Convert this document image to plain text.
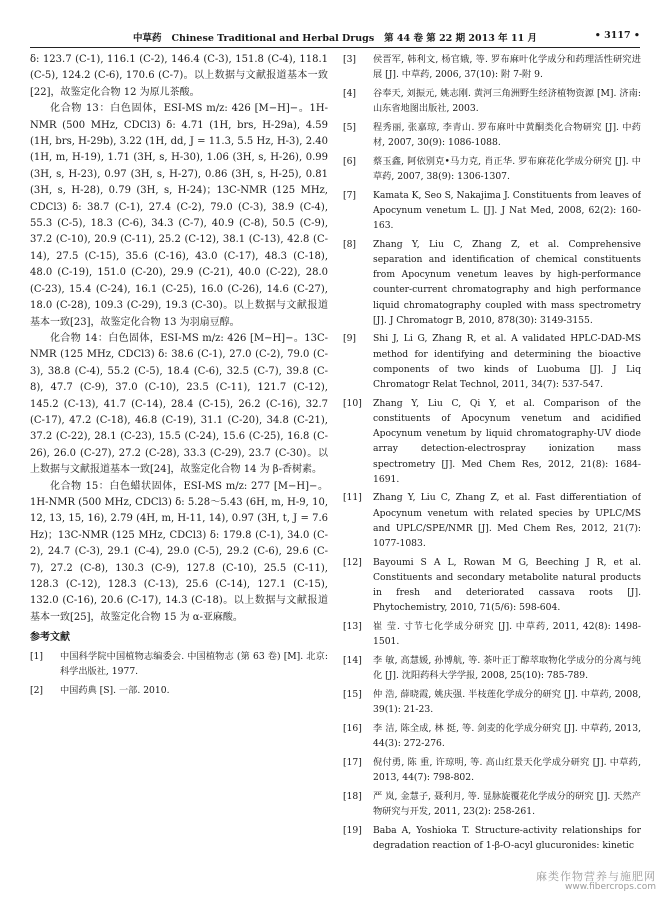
中草药 Chinese Traditional and Herbal Drugs 第 44 卷 第 22 期 2013 年 11 月	• 3117 •

δ: 123.7 (C-1), 116.1 (C-2), 146.4 (C-3), 151.8 (C-4), 118.1 (C-5), 124.2 (C-6), 170.6 (C-7)。以上数据与文献报道基本一致[22]，故鉴定化合物 12 为原儿茶酸。

化合物 13：白色固体，ESI-MS m/z: 426 [M−H]−。1H-NMR (500 MHz, CDCl3) δ: 4.71 (1H, brs, H-29a), 4.59 (1H, brs, H-29b), 3.22 (1H, dd, J = 11.3, 5.5 Hz, H-3), 2.40 (1H, m, H-19), 1.71 (3H, s, H-30), 1.06 (3H, s, H-26), 0.99 (3H, s, H-23), 0.97 (3H, s, H-27), 0.86 (3H, s, H-25), 0.81 (3H, s, H-28), 0.79 (3H, s, H-24)；13C-NMR (125 MHz, CDCl3) δ: 38.7 (C-1), 27.4 (C-2), 79.0 (C-3), 38.9 (C-4), 55.3 (C-5), 18.3 (C-6), 34.3 (C-7), 40.9 (C-8), 50.5 (C-9), 37.2 (C-10), 20.9 (C-11), 25.2 (C-12), 38.1 (C-13), 42.8 (C-14), 27.5 (C-15), 35.6 (C-16), 43.0 (C-17), 48.3 (C-18), 48.0 (C-19), 151.0 (C-20), 29.9 (C-21), 40.0 (C-22), 28.0 (C-23), 15.4 (C-24), 16.1 (C-25), 16.0 (C-26), 14.6 (C-27), 18.0 (C-28), 109.3 (C-29), 19.3 (C-30)。以上数据与文献报道基本一致[23]，故鉴定化合物 13 为羽扇豆醇。

化合物 14：白色固体，ESI-MS m/z: 426 [M−H]−。13C-NMR (125 MHz, CDCl3) δ: 38.6 (C-1), 27.0 (C-2), 79.0 (C-3), 38.8 (C-4), 55.2 (C-5), 18.4 (C-6), 32.5 (C-7), 39.8 (C-8), 47.7 (C-9), 37.0 (C-10), 23.5 (C-11), 121.7 (C-12), 145.2 (C-13), 41.7 (C-14), 28.4 (C-15), 26.2 (C-16), 32.7 (C-17), 47.2 (C-18), 46.8 (C-19), 31.1 (C-20), 34.8 (C-21), 37.2 (C-22), 28.1 (C-23), 15.5 (C-24), 15.6 (C-25), 16.8 (C-26), 26.0 (C-27), 27.2 (C-28), 33.3 (C-29), 23.7 (C-30)。以上数据与文献报道基本一致[24]，故鉴定化合物 14 为 β-香树素。

化合物 15：白色蜡状固体，ESI-MS m/z: 277 [M−H]−。1H-NMR (500 MHz, CDCl3) δ: 5.28～5.43 (6H, m, H-9, 10, 12, 13, 15, 16), 2.79 (4H, m, H-11, 14), 0.97 (3H, t, J = 7.6 Hz)；13C-NMR (125 MHz, CDCl3) δ: 179.8 (C-1), 34.0 (C-2), 24.7 (C-3), 29.1 (C-4), 29.0 (C-5), 29.2 (C-6), 29.6 (C-7), 27.2 (C-8), 130.3 (C-9), 127.8 (C-10), 25.5 (C-11), 128.3 (C-12), 128.3 (C-13), 25.6 (C-14), 127.1 (C-15), 132.0 (C-16), 20.6 (C-17), 14.3 (C-18)。以上数据与文献报道基本一致[25]，故鉴定化合物 15 为 α-亚麻酸。

参考文献
[1]	中国科学院中国植物志编委会. 中国植物志 (第 63 卷) [M]. 北京: 科学出版社, 1977.
[2]	中国药典 [S]. 一部. 2010.
[3]	侯晋军, 韩利文, 杨官娥, 等. 罗布麻叶化学成分和药理活性研究进展 [J]. 中草药, 2006, 37(10): 附 7-附 9.
[4]	谷奉天, 刘振元, 姚志刚. 黄河三角洲野生经济植物资源 [M]. 济南: 山东省地图出版社, 2003.
[5]	程秀丽, 张嘉琼, 李青山. 罗布麻叶中黄酮类化合物研究 [J]. 中药材, 2007, 30(9): 1086-1088.
[6]	蔡玉鑫, 阿依别克•马力克, 肖正华. 罗布麻花化学成分研究 [J]. 中草药, 2007, 38(9): 1306-1307.
[7]	Kamata K, Seo S, Nakajima J. Constituents from leaves of Apocynum venetum L. [J]. J Nat Med, 2008, 62(2): 160-163.
[8]	Zhang Y, Liu C, Zhang Z, et al. Comprehensive separation and identification of chemical constituents from Apocynum venetum leaves by high-performance counter-current chromatography and high performance liquid chromatography coupled with mass spectrometry [J]. J Chromatogr B, 2010, 878(30): 3149-3155.
[9]	Shi J, Li G, Zhang R, et al. A validated HPLC-DAD-MS method for identifying and determining the bioactive components of two kinds of Luobuma [J]. J Liq Chromatogr Relat Technol, 2011, 34(7): 537-547.
[10]	Zhang Y, Liu C, Qi Y, et al. Comparison of the constituents of Apocynum venetum and acidified Apocynum venetum by liquid chromatography-UV diode array detection-electrospray ionization mass spectrometry [J]. Med Chem Res, 2012, 21(8): 1684-1691.
[11]	Zhang Y, Liu C, Zhang Z, et al. Fast differentiation of Apocynum venetum with related species by UPLC/MS and UPLC/SPE/NMR [J]. Med Chem Res, 2012, 21(7): 1077-1083.
[12]	Bayoumi S A L, Rowan M G, Beeching J R, et al. Constituents and secondary metabolite natural products in fresh and deteriorated cassava roots [J]. Phytochemistry, 2010, 71(5/6): 598-604.
[13]	崔 莹. 寸节七化学成分研究 [J]. 中草药, 2011, 42(8): 1498-1501.
[14]	李 敏, 高慧媛, 孙博航, 等. 茶叶正丁醇萃取物化学成分的分离与纯化 [J]. 沈阳药科大学学报, 2008, 25(10): 785-789.
[15]	仲 浩, 薛晓霞, 姚庆强. 半枝莲化学成分的研究 [J]. 中草药, 2008, 39(1): 21-23.
[16]	李 洁, 陈全成, 林 挺, 等. 剑麦的化学成分研究 [J]. 中草药, 2013, 44(3): 272-276.
[17]	倪付勇, 陈 重, 许琼明, 等. 高山红景天化学成分研究 [J]. 中草药, 2013, 44(7): 798-802.
[18]	严 岚, 金慧子, 聂利月, 等. 显脉旋覆花化学成分的研究 [J]. 天然产物研究与开发, 2011, 23(2): 258-261.
[19]	Baba A, Yoshioka T. Structure-activity relationships for degradation reaction of 1-β-O-acyl glucuronides: kinetic
麻类作物营养与施肥网
www.fibercrops.com
